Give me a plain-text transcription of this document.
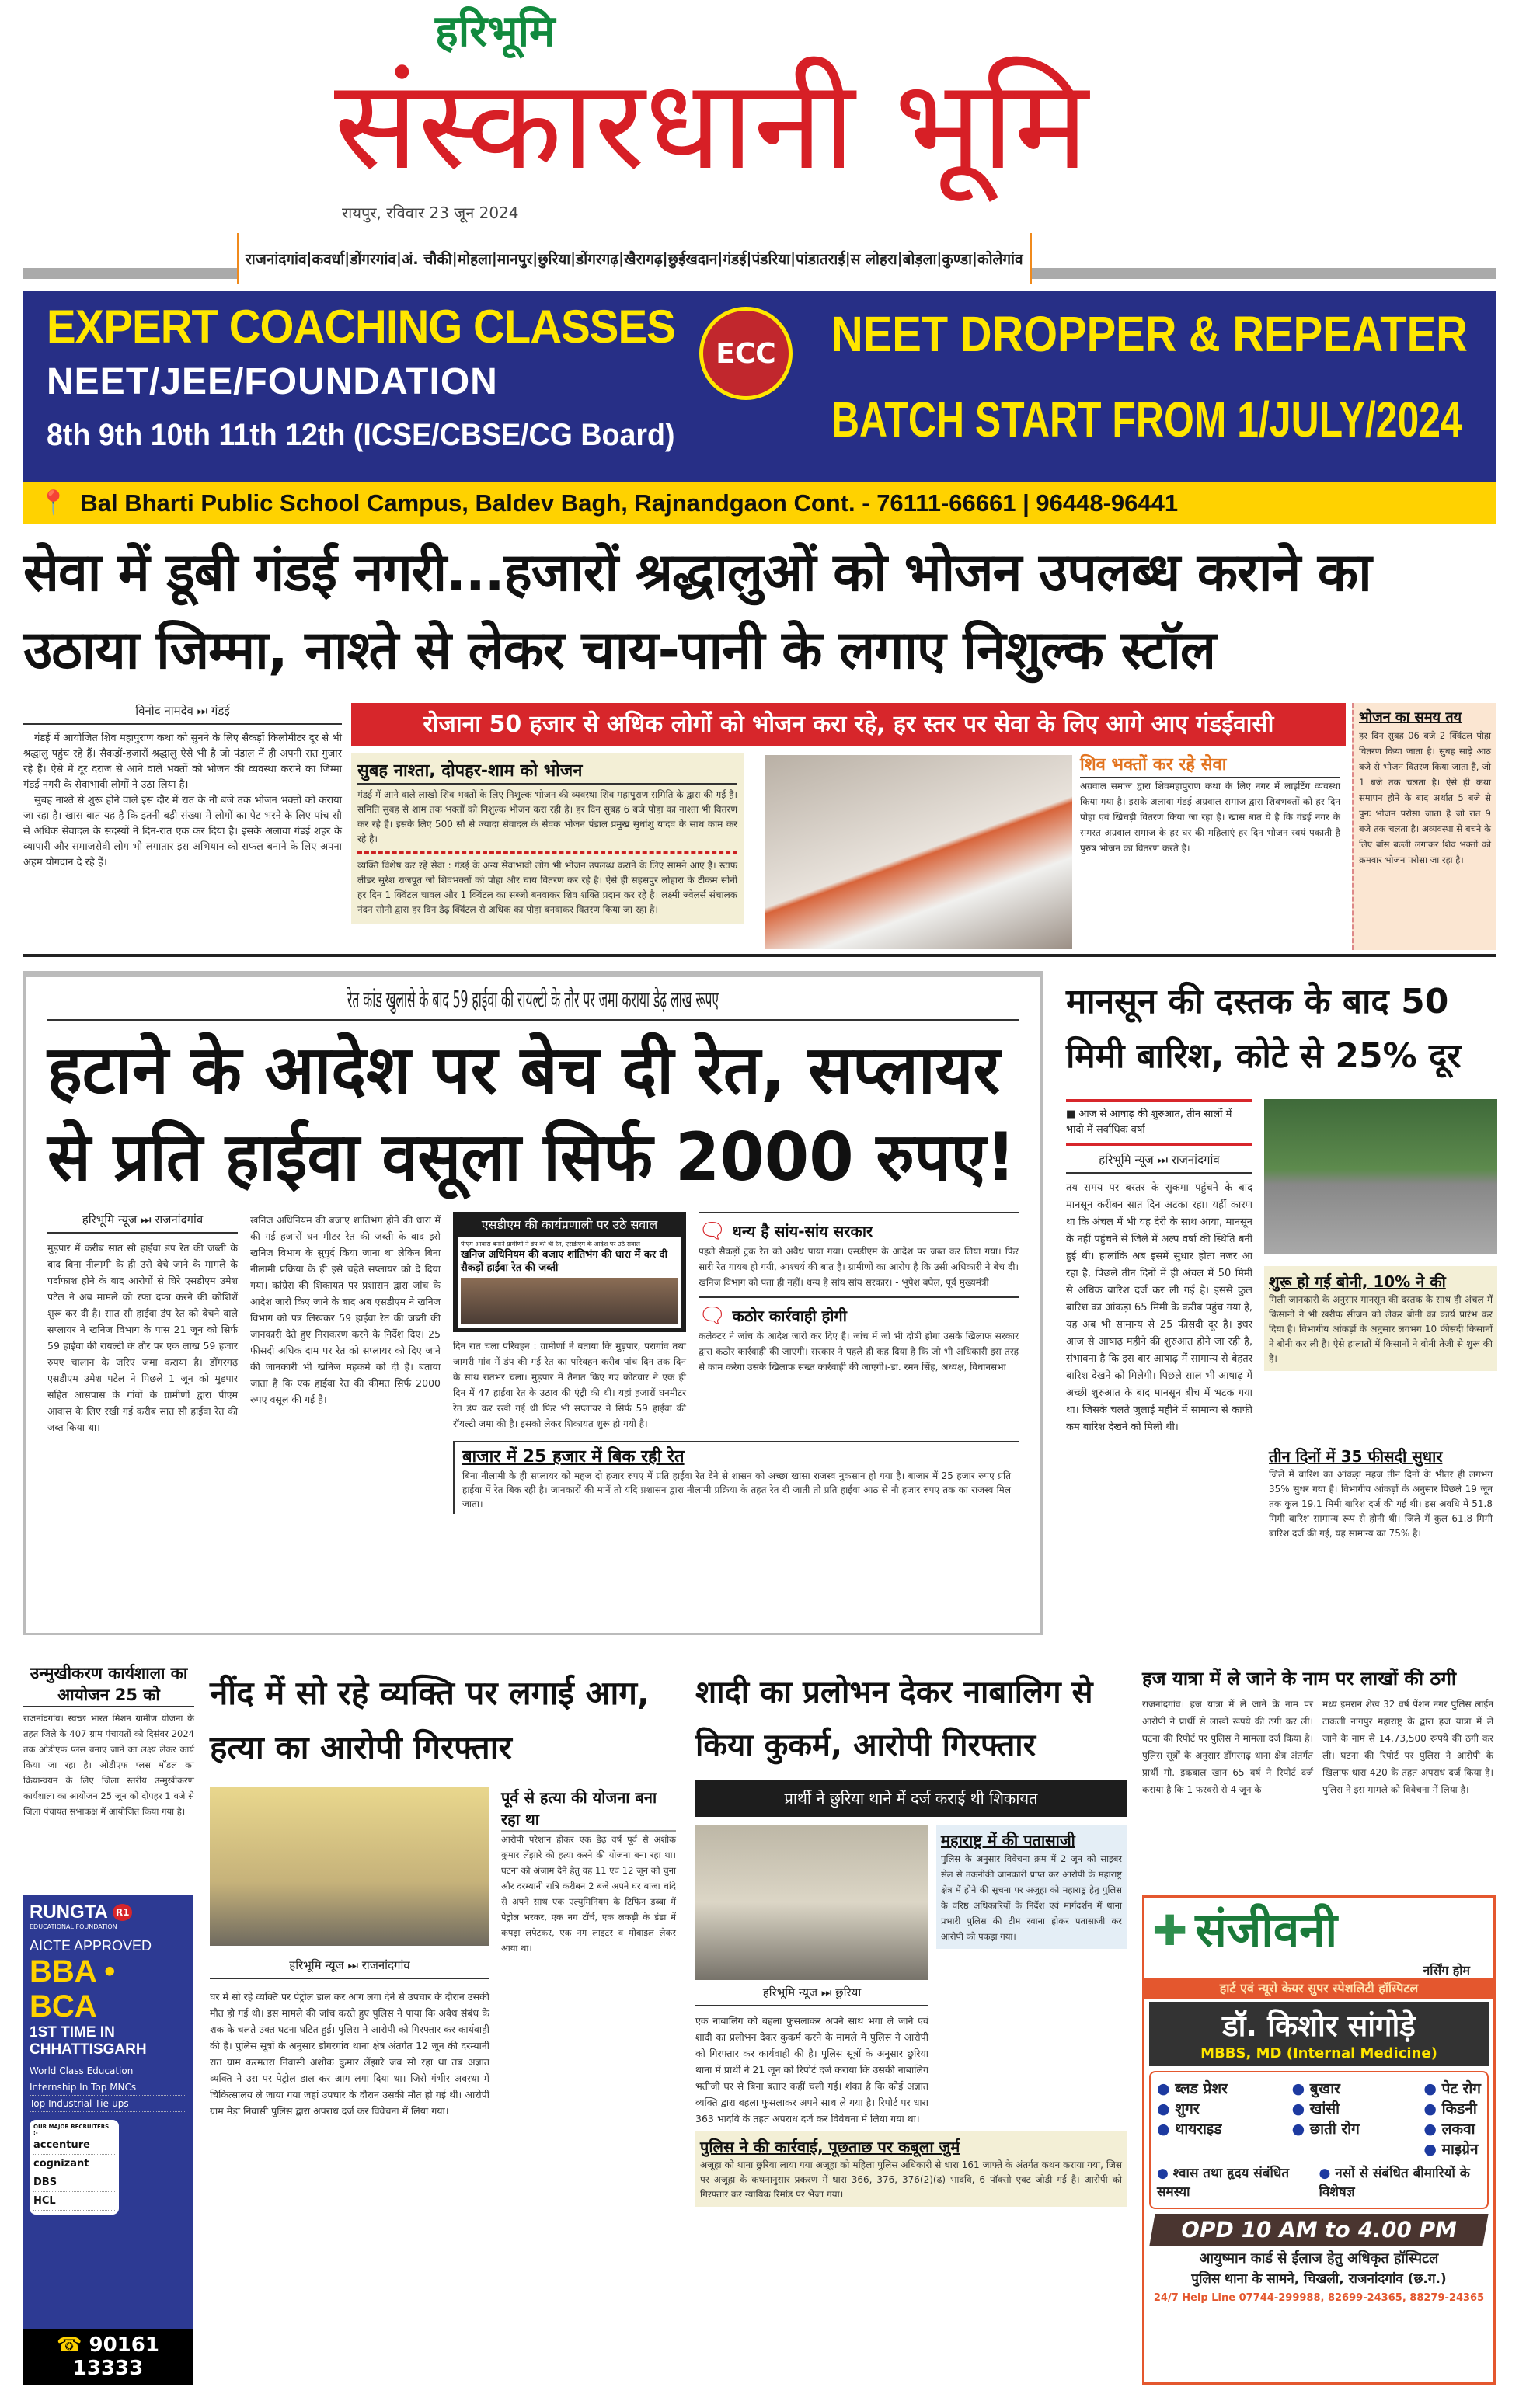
हरिभूमि
संस्कारधानी भूमि
रायपुर, रविवार 23 जून 2024
राजनांदगांव | कवर्धा | डोंगरगांव | अं. चौकी | मोहला | मानपुर | छुरिया | डोंगरगढ़ | खैरागढ़ | छुईखदान | गंडई | पंडरिया | पांडातराई | स लोहरा | बोड़ला | कुण्डा | कोलेगांव
EXPERT COACHING CLASSES
NEET/JEE/FOUNDATION
8th 9th 10th 11th 12th (ICSE/CBSE/CG Board)
ECC	NEET DROPPER & REPEATER
BATCH START FROM 1/JULY/2024
📍 Bal Bharti Public School Campus, Baldev Bagh, Rajnandgaon Cont. - 76111-66661 | 96448-96441
सेवा में डूबी गंडई नगरी...हजारों श्रद्धालुओं को भोजन उपलब्ध कराने का उठाया जिम्मा, नाश्ते से लेकर चाय-पानी के लगाए निशुल्क स्टॉल
विनोद नामदेव ⏭ गंडई

गंडई में आयोजित शिव महापुराण कथा को सुनने के लिए सैकड़ों किलोमीटर दूर से भी श्रद्धालु पहुंच रहे हैं। सैकड़ों-हजारों श्रद्धालु ऐसे भी है जो पंडाल में ही अपनी रात गुजार रहे हैं। ऐसे में दूर दराज से आने वाले भक्तों को भोजन की व्यवस्था कराने का जिम्मा गंडई नगरी के सेवाभावी लोगों ने उठा लिया है।

सुबह नाश्ते से शुरू होने वाले इस दौर में रात के नौ बजे तक भोजन भक्तों को कराया जा रहा है। खास बात यह है कि इतनी बड़ी संख्या में लोगों का पेट भरने के लिए पांच सौ से अधिक सेवादल के सदस्यों ने दिन-रात एक कर दिया है। इसके अलावा गंडई शहर के व्यापारी और समाजसेवी लोग भी लगातार इस अभियान को सफल बनाने के लिए अपना अहम योगदान दे रहे हैं।

रोजाना 50 हजार से अधिक लोगों को भोजन करा रहे, हर स्तर पर सेवा के लिए आगे आए गंडईवासी
सुबह नाश्ता, दोपहर-शाम को भोजन
गंडई में आने वाले लाखो शिव भक्तों के लिए निशुल्क भोजन की व्यवस्था शिव महापुराण समिति के द्वारा की गई है। समिति सुबह से शाम तक भक्तों को निशुल्क भोजन करा रही है। हर दिन सुबह 6 बजे पोहा का नाश्ता भी वितरण कर रहे है। इसके लिए 500 सौ से ज्यादा सेवादल के सेवक भोजन पंडाल प्रमुख सुधांशु यादव के साथ काम कर रहे है।
व्यक्ति विशेष कर रहे सेवा : गंडई के अन्य सेवाभावी लोग भी भोजन उपलब्ध कराने के लिए सामने आए है। स्टाफ लीडर सुरेश राजपूत जो शिवभक्तों को पोहा और चाय वितरण कर रहे है। ऐसे ही सहसपुर लोहारा के टीकम सोनी हर दिन 1 क्विंटल चावल और 1 क्विंटल का सब्जी बनवाकर शिव शक्ति प्रदान कर रहे है। लक्ष्मी ज्वेलर्स संचालक नंदन सोनी द्वारा हर दिन डेढ़ क्विंटल से अधिक का पोहा बनवाकर वितरण किया जा रहा है।
शिव भक्तों कर रहे सेवा
अग्रवाल समाज द्वारा शिवमहापुराण कथा के लिए नगर में लाइटिंग व्यवस्था किया गया है। इसके अलावा गंडई अग्रवाल समाज द्वारा शिवभक्तों को हर दिन पोहा एवं खिचड़ी वितरण किया जा रहा है। खास बात ये है कि गंडई नगर के समस्त अग्रवाल समाज के हर घर की महिलाएं हर दिन भोजन स्वयं पकाती है पुरुष भोजन का वितरण करते है।
भोजन का समय तय
हर दिन सुबह 06 बजे 2 क्विंटल पोहा वितरण किया जाता है। सुबह साढ़े आठ बजे से भोजन वितरण किया जाता है, जो 1 बजे तक चलता है। ऐसे ही कथा समापन होने के बाद अर्थात 5 बजे से पुनः भोजन परोसा जाता है जो रात 9 बजे तक चलता है। अव्यवस्था से बचने के लिए बॉस बल्ली लगाकर शिव भक्तों को क्रमवार भोजन परोसा जा रहा है।
रेत कांड खुलासे के बाद 59 हाईवा की रायल्टी के तौर पर जमा कराया डेढ़ लाख रूपए
हटाने के आदेश पर बेच दी रेत, सप्लायर
से प्रति हाईवा वसूला सिर्फ 2000 रुपए!
हरिभूमि न्यूज ⏭ राजनांदगांव
मुड़पार में करीब सात सौ हाईवा डंप रेत की जब्ती के बाद बिना नीलामी के ही उसे बेचे जाने के मामले के पर्दाफाश होने के बाद आरोपों से घिरे एसडीएम उमेश पटेल ने अब मामले को रफा दफा करने की कोशिशें शुरू कर दी है। सात सौ हाईवा डंप रेत को बेचने वाले सप्लायर ने खनिज विभाग के पास 21 जून को सिर्फ 59 हाईवा की रायल्टी के तौर पर एक लाख 59 हजार रुपए चालान के जरिए जमा कराया है। डोंगरगढ़ एसडीएम उमेश पटेल ने पिछले 1 जून को मुड़पार सहित आसपास के गांवों के ग्रामीणों द्वारा पीएम आवास के लिए रखी गई करीब सात सौ हाईवा रेत की जब्त किया था।
खनिज अधिनियम की बजाए शांतिभंग होने की धारा में की गई हजारों घन मीटर रेत की जब्ती के बाद इसे खनिज विभाग के सुपुर्द किया जाना था लेकिन बिना नीलामी प्रक्रिया के ही इसे चहेते सप्लायर को दे दिया गया। कांग्रेस की शिकायत पर प्रशासन द्वारा जांच के आदेश जारी किए जाने के बाद अब एसडीएम ने खनिज विभाग को पत्र लिखकर 59 हाईवा रेत की जब्ती की जानकारी देते हुए निराकरण करने के निर्देश दिए। 25 फीसदी अधिक दाम पर रेत को सप्लायर को दिए जाने की जानकारी भी खनिज महकमे को दी है। बताया जाता है कि एक हाईवा रेत की कीमत सिर्फ 2000 रुपए वसूल की गई है।
एसडीएम की कार्यप्रणाली पर उठे सवाल
पीएम आवास बनाने ग्रामीणों ने डंप की थी रेत, एसडीएम के आदेश पर उठे सवाल
खनिज अधिनियम की बजाए शांतिभंग की धारा में कर दी सैकड़ों हाईवा रेत की जब्ती
दिन रात चला परिवहन : ग्रामीणों ने बताया कि मुड़पार, परागांव तथा जामरी गांव में डंप की गई रेत का परिवहन करीब पांच दिन तक दिन के साथ रातभर चला। मुड़पार में तैनात किए गए कोटवार ने एक ही दिन में 47 हाईवा रेत के उठाव की एंट्री की थी। यहां हजारों घनमीटर रेत डंप कर रखी गई थी फिर भी सप्लायर ने सिर्फ 59 हाईवा की रॉयल्टी जमा की है। इसको लेकर शिकायत शुरू हो गयी है।
🗨 धन्य है सांय-सांय सरकार
पहले सैकड़ों ट्रक रेत को अवैध पाया गया। एसडीएम के आदेश पर जब्त कर लिया गया। फिर सारी रेत गायब हो गयी, आश्चर्य की बात है। ग्रामीणों का आरोप है कि उसी अधिकारी ने बेच दी। खनिज विभाग को पता ही नहीं। धन्य है सांय सांय सरकार। - भूपेश बघेल, पूर्व मुख्यमंत्री
🗨 कठोर कार्रवाही होगी
कलेक्टर ने जांच के आदेश जारी कर दिए है। जांच में जो भी दोषी होगा उसके खिलाफ सरकार द्वारा कठोर कार्रवाही की जाएगी। सरकार ने पहले ही कह दिया है कि जो भी अधिकारी इस तरह से काम करेगा उसके खिलाफ सख्त कार्रवाही की जाएगी।-डा. रमन सिंह, अध्यक्ष, विधानसभा
बाजार में 25 हजार में बिक रही रेत
बिना नीलामी के ही सप्लायर को महज दो हजार रुपए में प्रति हाईवा रेत देने से शासन को अच्छा खासा राजस्व नुकसान हो गया है। बाजार में 25 हजार रुपए प्रति हाईवा में रेत बिक रही है। जानकारों की मानें तो यदि प्रशासन द्वारा नीलामी प्रक्रिया के तहत रेत दी जाती तो प्रति हाईवा आठ से नौ हजार रुपए तक का राजस्व मिल जाता।
मानसून की दस्तक के बाद 50 मिमी बारिश, कोटे से 25% दूर
■ आज से आषाढ़ की शुरुआत, तीन सालों में भादो में सर्वाधिक वर्षा
हरिभूमि न्यूज ⏭ राजनांदगांव
तय समय पर बस्तर के सुकमा पहुंचने के बाद मानसून करीबन सात दिन अटका रहा। यहीं कारण था कि अंचल में भी यह देरी के साथ आया, मानसून के नहीं पहुंचने से जिले में अल्प वर्षा की स्थिति बनी हुई थी। हालांकि अब इसमें सुधार होता नजर आ रहा है, पिछले तीन दिनों में ही अंचल में 50 मिमी से अधिक बारिश दर्ज कर ली गई है। इससे कुल बारिश का आंकड़ा 65 मिमी के करीब पहुंच गया है, यह अब भी सामान्य से 25 फीसदी दूर है। इधर आज से आषाढ़ महीने की शुरुआत होने जा रही है, संभावना है कि इस बार आषाढ़ में सामान्य से बेहतर बारिश देखने को मिलेगी। पिछले साल भी आषाढ़ में अच्छी शुरुआत के बाद मानसून बीच में भटक गया था। जिसके चलते जुलाई महीने में सामान्य से काफी कम बारिश देखने को मिली थी।
शुरू हो गई बोनी, 10% ने की
मिली जानकारी के अनुसार मानसून की दस्तक के साथ ही अंचल में किसानों ने भी खरीफ सीजन को लेकर बोनी का कार्य प्रारंभ कर दिया है। विभागीय आंकड़ों के अनुसार लगभग 10 फीसदी किसानों ने बोनी कर ली है। ऐसे हालातों में किसानों ने बोनी तेजी से शुरू की है।
तीन दिनों में 35 फीसदी सुधार
जिले में बारिश का आंकड़ा महज तीन दिनों के भीतर ही लगभग 35% सुधर गया है। विभागीय आंकड़ों के अनुसार पिछले 19 जून तक कुल 19.1 मिमी बारिश दर्ज की गई थी। इस अवधि में 51.8 मिमी बारिश सामान्य रूप से होनी थी। जिले में कुल 61.8 मिमी बारिश दर्ज की गई, यह सामान्य का 75% है।
उन्मुखीकरण कार्यशाला का आयोजन 25 को
राजनांदगांव। स्वच्छ भारत मिशन ग्रामीण योजना के तहत जिले के 407 ग्राम पंचायतों को दिसंबर 2024 तक ओडीएफ प्लस बनाए जाने का लक्ष्य लेकर कार्य किया जा रहा है। ओडीएफ प्लस मॉडल का क्रियान्वयन के लिए जिला स्तरीय उन्मुखीकरण कार्यशाला का आयोजन 25 जून को दोपहर 1 बजे से जिला पंचायत सभाकक्ष में आयोजित किया गया है।
RUNGTA R1
EDUCATIONAL FOUNDATION
AICTE APPROVED
BBA • BCA
1ST TIME IN CHHATTISGARH
World Class Education
Internship In Top MNCs
Top Industrial Tie-ups
OUR MAJOR RECRUITERS :-
accenture
cognizant
DBS
HCL
☎ 90161 13333
नींद में सो रहे व्यक्ति पर लगाई आग, हत्या का आरोपी गिरफ्तार
हरिभूमि न्यूज ⏭ राजनांदगांव
पूर्व से हत्या की योजना बना रहा था
आरोपी परेशान होकर एक डेढ़ वर्ष पूर्व से अशोक कुमार लेंझारे की हत्या करने की योजना बना रहा था। घटना को अंजाम देने हेतु वह 11 एवं 12 जून को चुना और दरम्यानी रात्रि करीबन 2 बजे अपने घर बाजा चांदे से अपने साथ एक एल्युमिनियम के टिफिन डब्बा में पेट्रोल भरकर, एक नग टॉर्च, एक लकड़ी के डंडा में कपड़ा लपेटकर, एक नग लाइटर व मोबाइल लेकर आया था।
घर में सो रहे व्यक्ति पर पेट्रोल डाल कर आग लगा देने से उपचार के दौरान उसकी मौत हो गई थी। इस मामले की जांच करते हुए पुलिस ने पाया कि अवैध संबंध के शक के चलते उक्त घटना घटित हुई। पुलिस ने आरोपी को गिरफ्तार कर कार्यवाही की है। पुलिस सूत्रों के अनुसार डोंगरगांव थाना क्षेत्र अंतर्गत 12 जून की दरम्यानी रात ग्राम करमतरा निवासी अशोक कुमार लेंझारे जब सो रहा था तब अज्ञात व्यक्ति ने उस पर पेट्रोल डाल कर आग लगा दिया था। जिसे गंभीर अवस्था में चिकित्सालय ले जाया गया जहां उपचार के दौरान उसकी मौत हो गई थी। आरोपी ग्राम मेड़ा निवासी पुलिस द्वारा अपराध दर्ज कर विवेचना में लिया गया।
शादी का प्रलोभन देकर नाबालिग से किया कुकर्म, आरोपी गिरफ्तार
प्रार्थी ने छुरिया थाने में दर्ज कराई थी शिकायत
हरिभूमि न्यूज ⏭ छुरिया
एक नाबालिग को बहला फुसलाकर अपने साथ भगा ले जाने एवं शादी का प्रलोभन देकर कुकर्म करने के मामले में पुलिस ने आरोपी को गिरफ्तार कर कार्यवाही की है। पुलिस सूत्रों के अनुसार छुरिया थाना में प्रार्थी ने 21 जून को रिपोर्ट दर्ज कराया कि उसकी नाबालिग भतीजी घर से बिना बताए कहीं चली गई। शंका है कि कोई अज्ञात व्यक्ति द्वारा बहला फुसलाकर अपने साथ ले गया है। रिपोर्ट पर धारा 363 भादवि के तहत अपराध दर्ज कर विवेचना में लिया गया था।
महाराष्ट्र में की पतासाजी
पुलिस के अनुसार विवेचना क्रम में 2 जून को साइबर सेल से तकनीकी जानकारी प्राप्त कर आरोपी के महाराष्ट्र क्षेत्र में होने की सूचना पर अजूहा को महाराष्ट्र हेतु पुलिस के वरिष्ठ अधिकारियों के निर्देश एवं मार्गदर्शन में थाना प्रभारी पुलिस की टीम रवाना होकर पतासाजी कर आरोपी को पकड़ा गया।
पुलिस ने की कार्रवाई, पूछताछ पर कबूला जुर्म
अजूहा को थाना छुरिया लाया गया अजूहा को महिला पुलिस अधिकारी से धारा 161 जाफ्ते के अंतर्गत कथन कराया गया, जिस पर अजूहा के कथनानुसार प्रकरण में धारा 366, 376, 376(2)(ढ) भादवि, 6 पॉक्सो एक्ट जोड़ी गई है। आरोपी को गिरफ्तार कर न्यायिक रिमांड पर भेजा गया।
हज यात्रा में ले जाने के नाम पर लाखों की ठगी
राजनांदगांव। हज यात्रा में ले जाने के नाम पर आरोपी ने प्रार्थी से लाखों रूपये की ठगी कर ली। घटना की रिपोर्ट पर पुलिस ने मामला दर्ज किया है। पुलिस सूत्रों के अनुसार डोंगरगढ़ थाना क्षेत्र अंतर्गत प्रार्थी मो. इकबाल खान 65 वर्ष ने रिपोर्ट दर्ज कराया है कि 1 फरवरी से 4 जून के
मध्य इमरान शेख 32 वर्ष पेंशन नगर पुलिस लाईन टाकली नागपुर महाराष्ट्र के द्वारा हज यात्रा में ले जाने के नाम से 14,73,500 रूपये की ठगी कर ली। घटना की रिपोर्ट पर पुलिस ने आरोपी के खिलाफ धारा 420 के तहत अपराध दर्ज किया है। पुलिस ने इस मामले को विवेचना में लिया है।
✚ संजीवनी
नर्सिंग होम
हार्ट एवं न्यूरो केयर सुपर स्पेशलिटी हॉस्पिटल
डॉ. किशोर सांगोड़े
MBBS, MD (Internal Medicine)
● ब्लड प्रेशर
● शुगर
● थायराइड
● बुखार
● खांसी
● छाती रोग
● पेट रोग
● किडनी
● लकवा
● माइग्रेन
● श्वास तथा हृदय संबंधित समस्या
● नसों से संबंधित बीमारियों के विशेषज्ञ
OPD 10 AM to 4.00 PM
आयुष्मान कार्ड से ईलाज हेतु अधिकृत हॉस्पिटल
पुलिस थाना के सामने, चिखली, राजनांदगांव (छ.ग.)
24/7 Help Line 07744-299988, 82699-24365, 88279-24365
